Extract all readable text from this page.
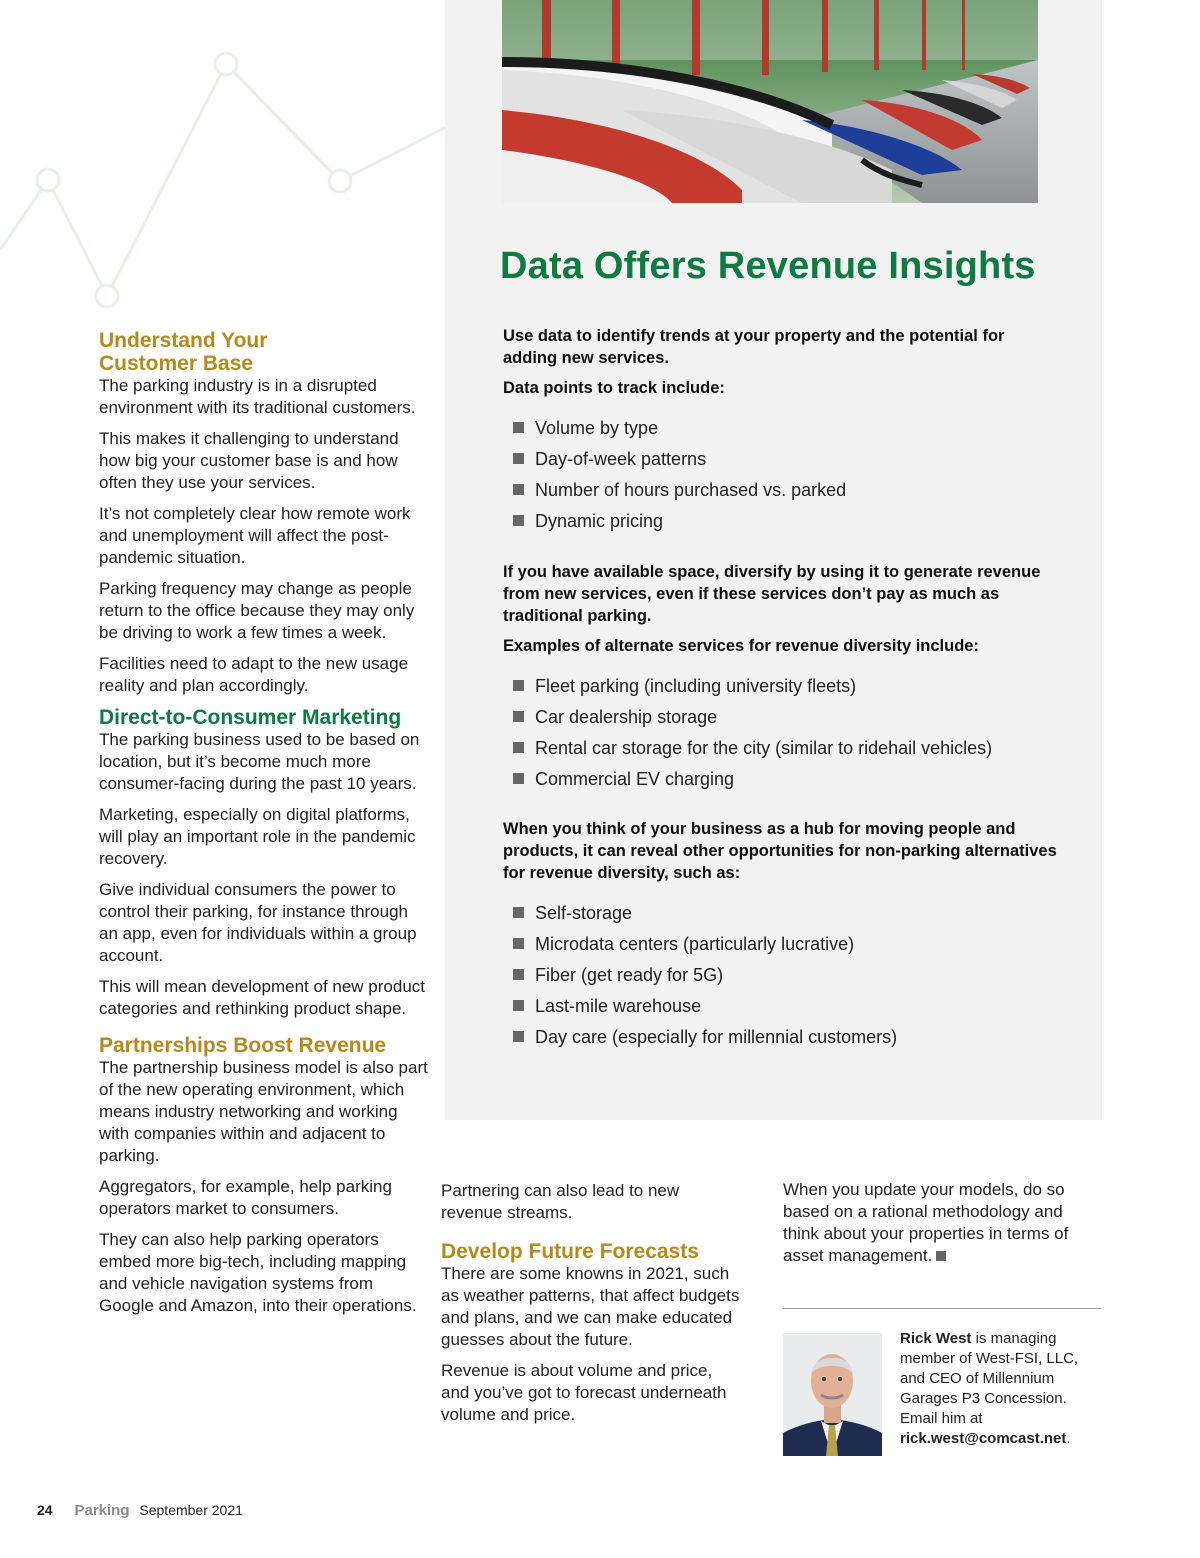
Data Offers Revenue Insights

Use data to identify trends at your property and the potential for adding new services.

Data points to track include:

Volume by type
Day-of-week patterns
Number of hours purchased vs. parked
Dynamic pricing

If you have available space, diversify by using it to generate revenue from new services, even if these services don’t pay as much as traditional parking.

Examples of alternate services for revenue diversity include:

Fleet parking (including university fleets)
Car dealership storage
Rental car storage for the city (similar to ridehail vehicles)
Commercial EV charging

When you think of your business as a hub for moving people and products, it can reveal other opportunities for non-parking alternatives for revenue diversity, such as:

Self-storage
Microdata centers (particularly lucrative)
Fiber (get ready for 5G)
Last-mile warehouse
Day care (especially for millennial customers)
Understand Your Customer Base

The parking industry is in a disrupted environment with its traditional customers.

This makes it challenging to understand how big your customer base is and how often they use your services.

It’s not completely clear how remote work and unemployment will affect the post-pandemic situation.

Parking frequency may change as people return to the office because they may only be driving to work a few times a week.

Facilities need to adapt to the new usage reality and plan accordingly.

Direct-to-Consumer Marketing

The parking business used to be based on location, but it’s become much more consumer-facing during the past 10 years.

Marketing, especially on digital platforms, will play an important role in the pandemic recovery.

Give individual consumers the power to control their parking, for instance through an app, even for individuals within a group account.

This will mean development of new product categories and rethinking product shape.

Partnerships Boost Revenue

The partnership business model is also part of the new operating environment, which means industry networking and working with companies within and adjacent to parking.

Aggregators, for example, help parking operators market to consumers.

They can also help parking operators embed more big-tech, including mapping and vehicle navigation systems from Google and Amazon, into their operations.

Partnering can also lead to new revenue streams.

Develop Future Forecasts

There are some knowns in 2021, such as weather patterns, that affect budgets and plans, and we can make educated guesses about the future.

Revenue is about volume and price, and you’ve got to forecast underneath volume and price.

When you update your models, do so based on a rational methodology and think about your properties in terms of asset management.

Rick West is managing member of West-FSI, LLC, and CEO of Millennium Garages P3 Concession. Email him at rick.west@comcast.net.
24 Parking September 2021
